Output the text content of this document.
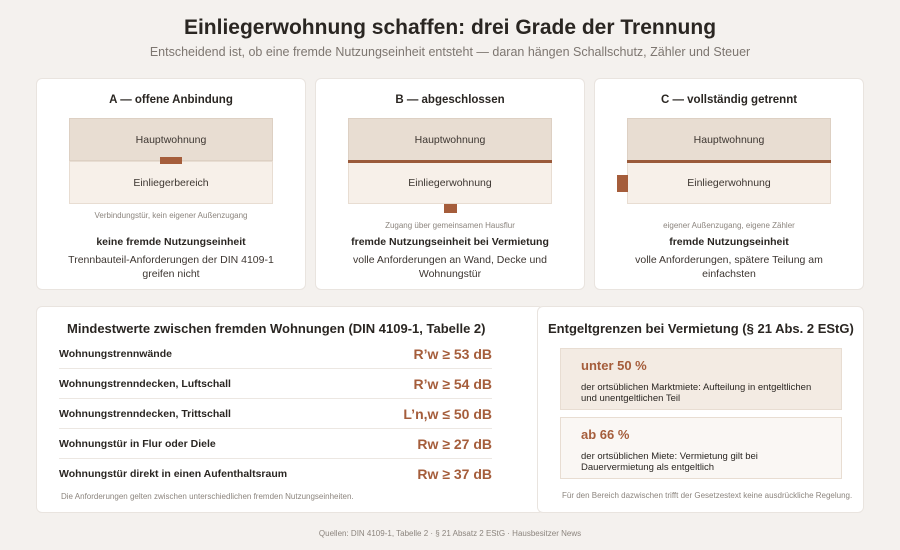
Einliegerwohnung schaffen: drei Grade der Trennung
Entscheidend ist, ob eine fremde Nutzungseinheit entsteht — daran hängen Schallschutz, Zähler und Steuer
A — offene Anbindung
Hauptwohnung
Einliegerbereich
Verbindungstür, kein eigener Außenzugang
keine fremde Nutzungseinheit
Trennbauteil-Anforderungen der DIN 4109-1 greifen nicht
B — abgeschlossen
Hauptwohnung
Einliegerwohnung
Zugang über gemeinsamen Hausflur
fremde Nutzungseinheit bei Vermietung
volle Anforderungen an Wand, Decke und Wohnungstür
C — vollständig getrennt
Hauptwohnung
Einliegerwohnung
eigener Außenzugang, eigene Zähler
fremde Nutzungseinheit
volle Anforderungen, spätere Teilung am einfachsten
Mindestwerte zwischen fremden Wohnungen (DIN 4109-1, Tabelle 2)
Wohnungstrennwände	R’w ≥ 53 dB
Wohnungstrenndecken, Luftschall	R’w ≥ 54 dB
Wohnungstrenndecken, Trittschall	L’n,w ≤ 50 dB
Wohnungstür in Flur oder Diele	Rw ≥ 27 dB
Wohnungstür direkt in einen Aufenthaltsraum	Rw ≥ 37 dB
Die Anforderungen gelten zwischen unterschiedlichen fremden Nutzungseinheiten.
Entgeltgrenzen bei Vermietung (§ 21 Abs. 2 EStG)
unter 50 %
der ortsüblichen Marktmiete: Aufteilung in entgeltlichen und unentgeltlichen Teil
ab 66 %
der ortsüblichen Miete: Vermietung gilt bei Dauervermietung als entgeltlich
Für den Bereich dazwischen trifft der Gesetzestext keine ausdrückliche Regelung.
Quellen: DIN 4109-1, Tabelle 2 · § 21 Absatz 2 EStG · Hausbesitzer News
